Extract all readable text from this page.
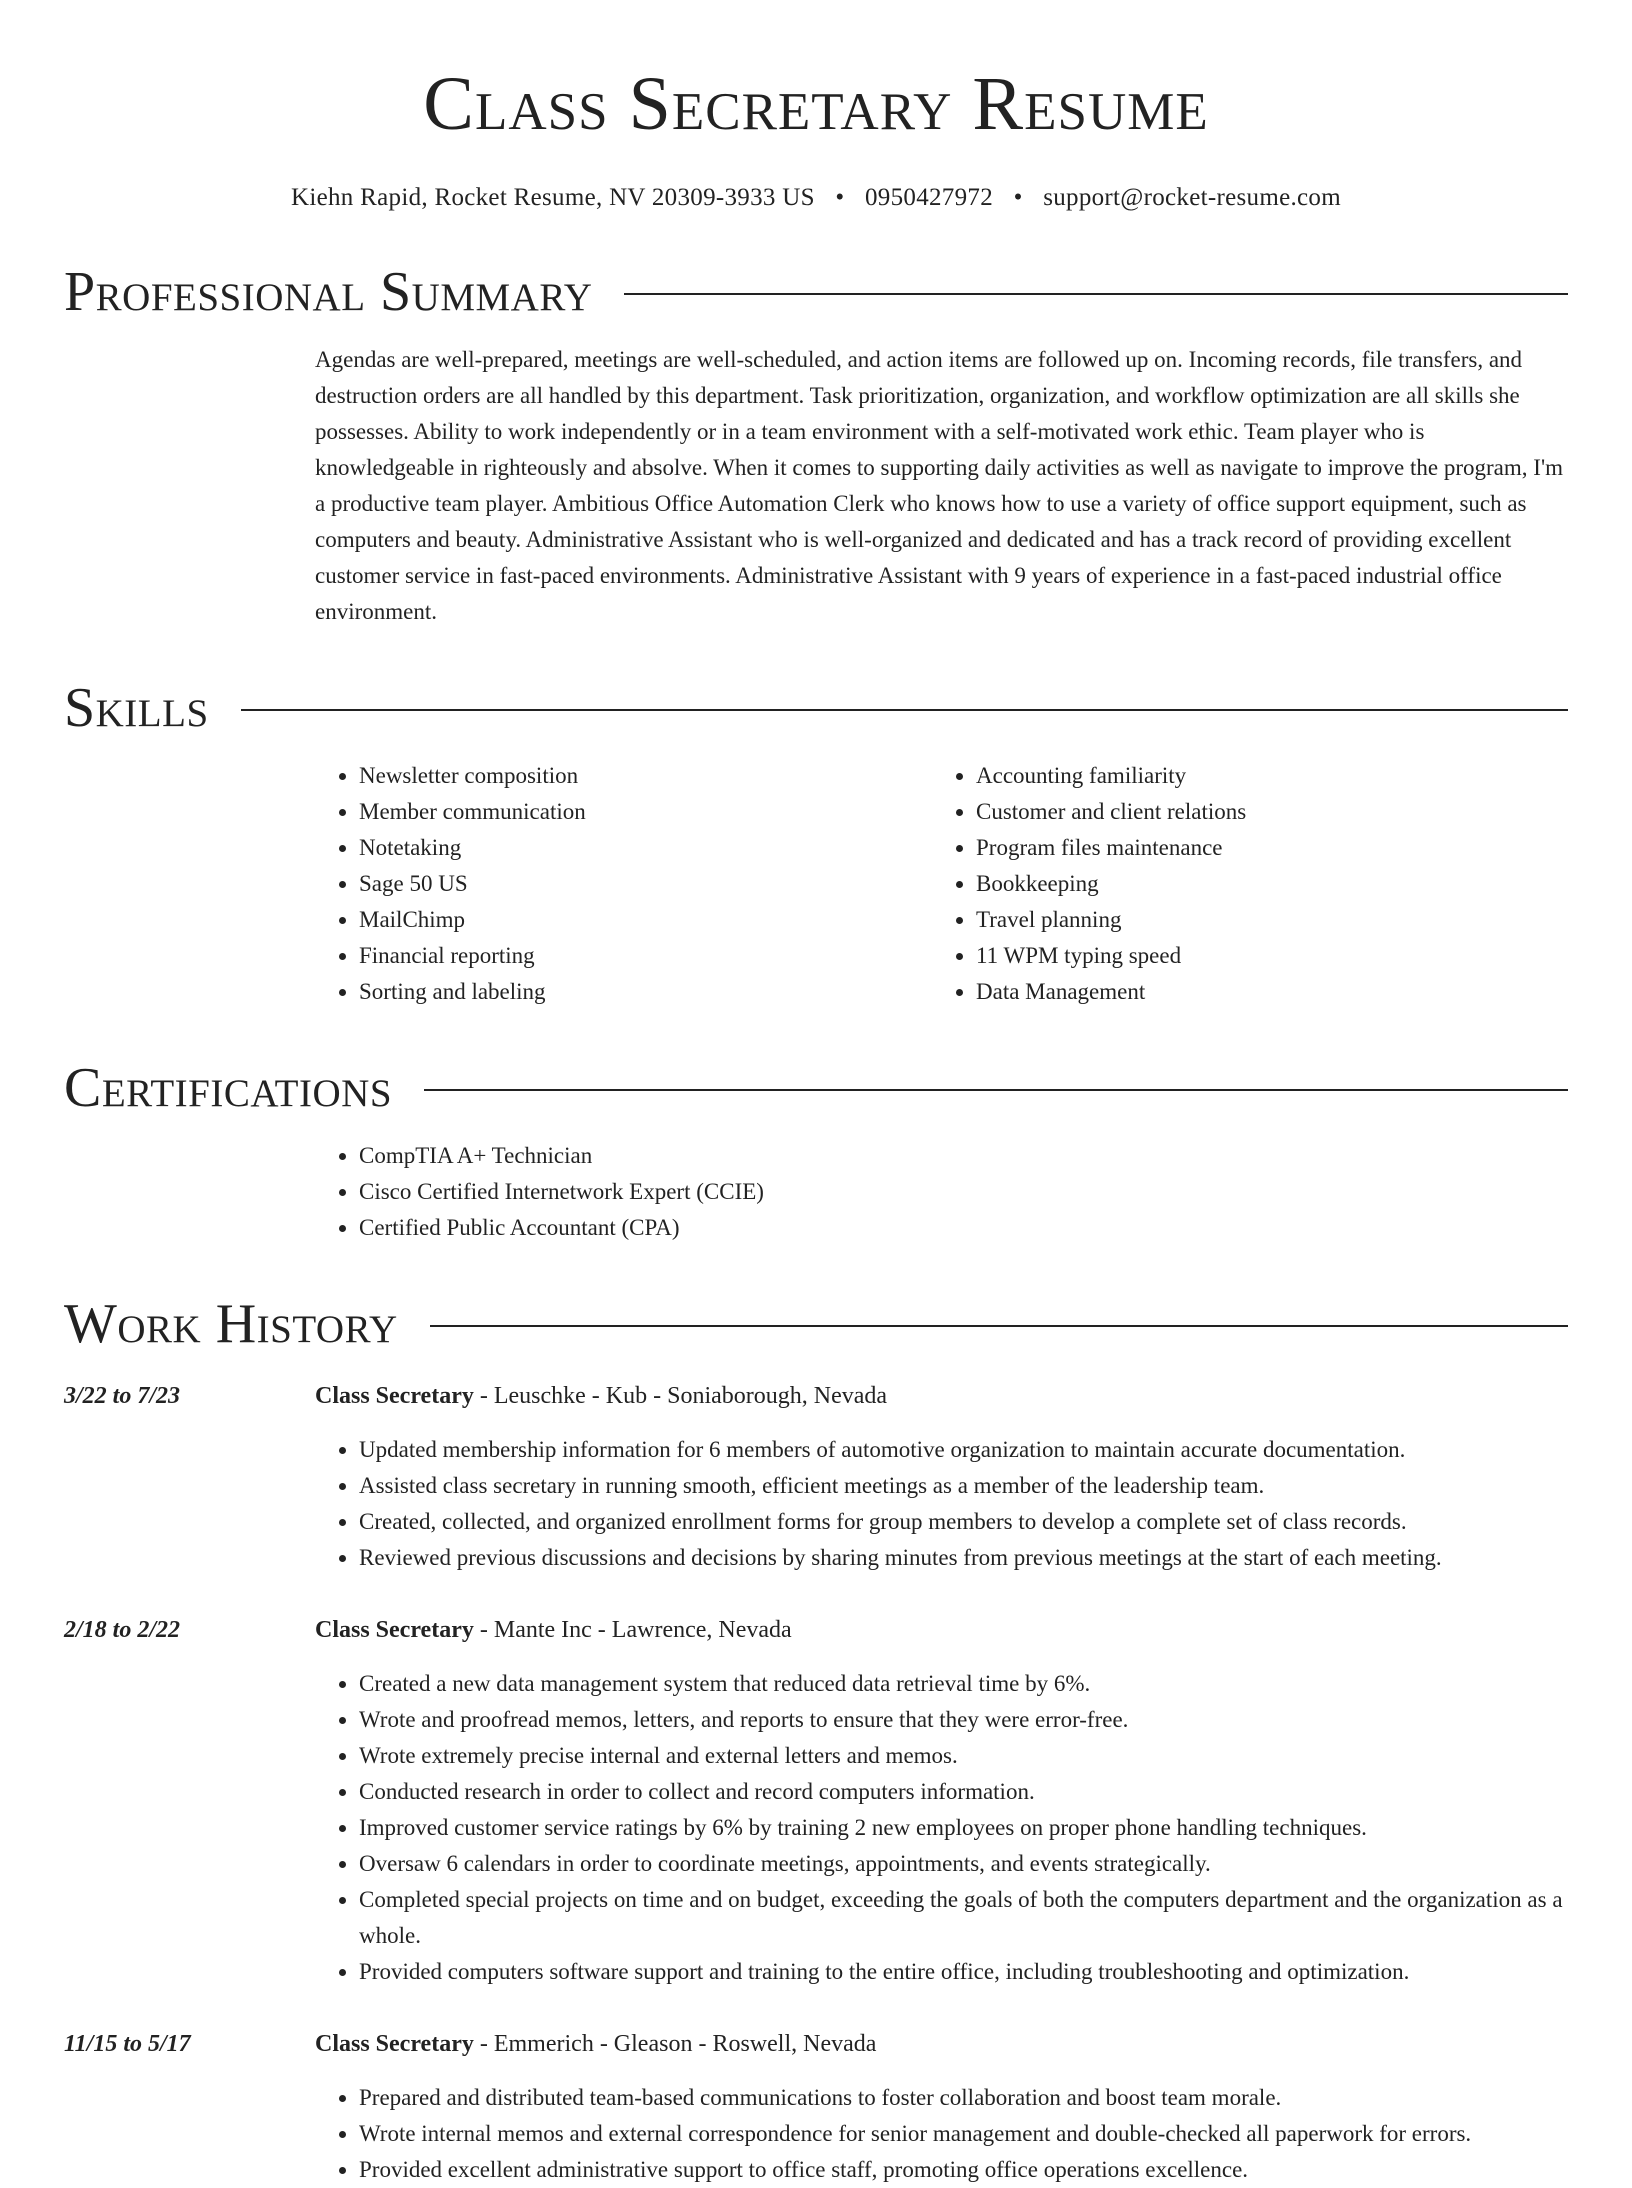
Class Secretary Resume
Kiehn Rapid, Rocket Resume, NV 20309-3933 US • 0950427972 • support@rocket-resume.com
Professional Summary

Agendas are well-prepared, meetings are well-scheduled, and action items are followed up on. Incoming records, file transfers, and destruction orders are all handled by this department. Task prioritization, organization, and workflow optimization are all skills she possesses. Ability to work independently or in a team environment with a self-motivated work ethic. Team player who is knowledgeable in righteously and absolve. When it comes to supporting daily activities as well as navigate to improve the program, I'm a productive team player. Ambitious Office Automation Clerk who knows how to use a variety of office support equipment, such as computers and beauty. Administrative Assistant who is well-organized and dedicated and has a track record of providing excellent customer service in fast-paced environments. Administrative Assistant with 9 years of experience in a fast-paced industrial office environment.

Skills
• Newsletter composition
• Member communication
• Notetaking
• Sage 50 US
• MailChimp
• Financial reporting
• Sorting and labeling
• Accounting familiarity
• Customer and client relations
• Program files maintenance
• Bookkeeping
• Travel planning
• 11 WPM typing speed
• Data Management
Certifications
• CompTIA A+ Technician
• Cisco Certified Internetwork Expert (CCIE)
• Certified Public Accountant (CPA)
Work History
3/22 to 7/23	Class Secretary - Leuschke - Kub - Soniaborough, Nevada
• Updated membership information for 6 members of automotive organization to maintain accurate documentation.
• Assisted class secretary in running smooth, efficient meetings as a member of the leadership team.
• Created, collected, and organized enrollment forms for group members to develop a complete set of class records.
• Reviewed previous discussions and decisions by sharing minutes from previous meetings at the start of each meeting.
2/18 to 2/22	Class Secretary - Mante Inc - Lawrence, Nevada
• Created a new data management system that reduced data retrieval time by 6%.
• Wrote and proofread memos, letters, and reports to ensure that they were error-free.
• Wrote extremely precise internal and external letters and memos.
• Conducted research in order to collect and record computers information.
• Improved customer service ratings by 6% by training 2 new employees on proper phone handling techniques.
• Oversaw 6 calendars in order to coordinate meetings, appointments, and events strategically.
• Completed special projects on time and on budget, exceeding the goals of both the computers department and the organization as a whole.
• Provided computers software support and training to the entire office, including troubleshooting and optimization.
11/15 to 5/17	Class Secretary - Emmerich - Gleason - Roswell, Nevada
• Prepared and distributed team-based communications to foster collaboration and boost team morale.
• Wrote internal memos and external correspondence for senior management and double-checked all paperwork for errors.
• Provided excellent administrative support to office staff, promoting office operations excellence.
